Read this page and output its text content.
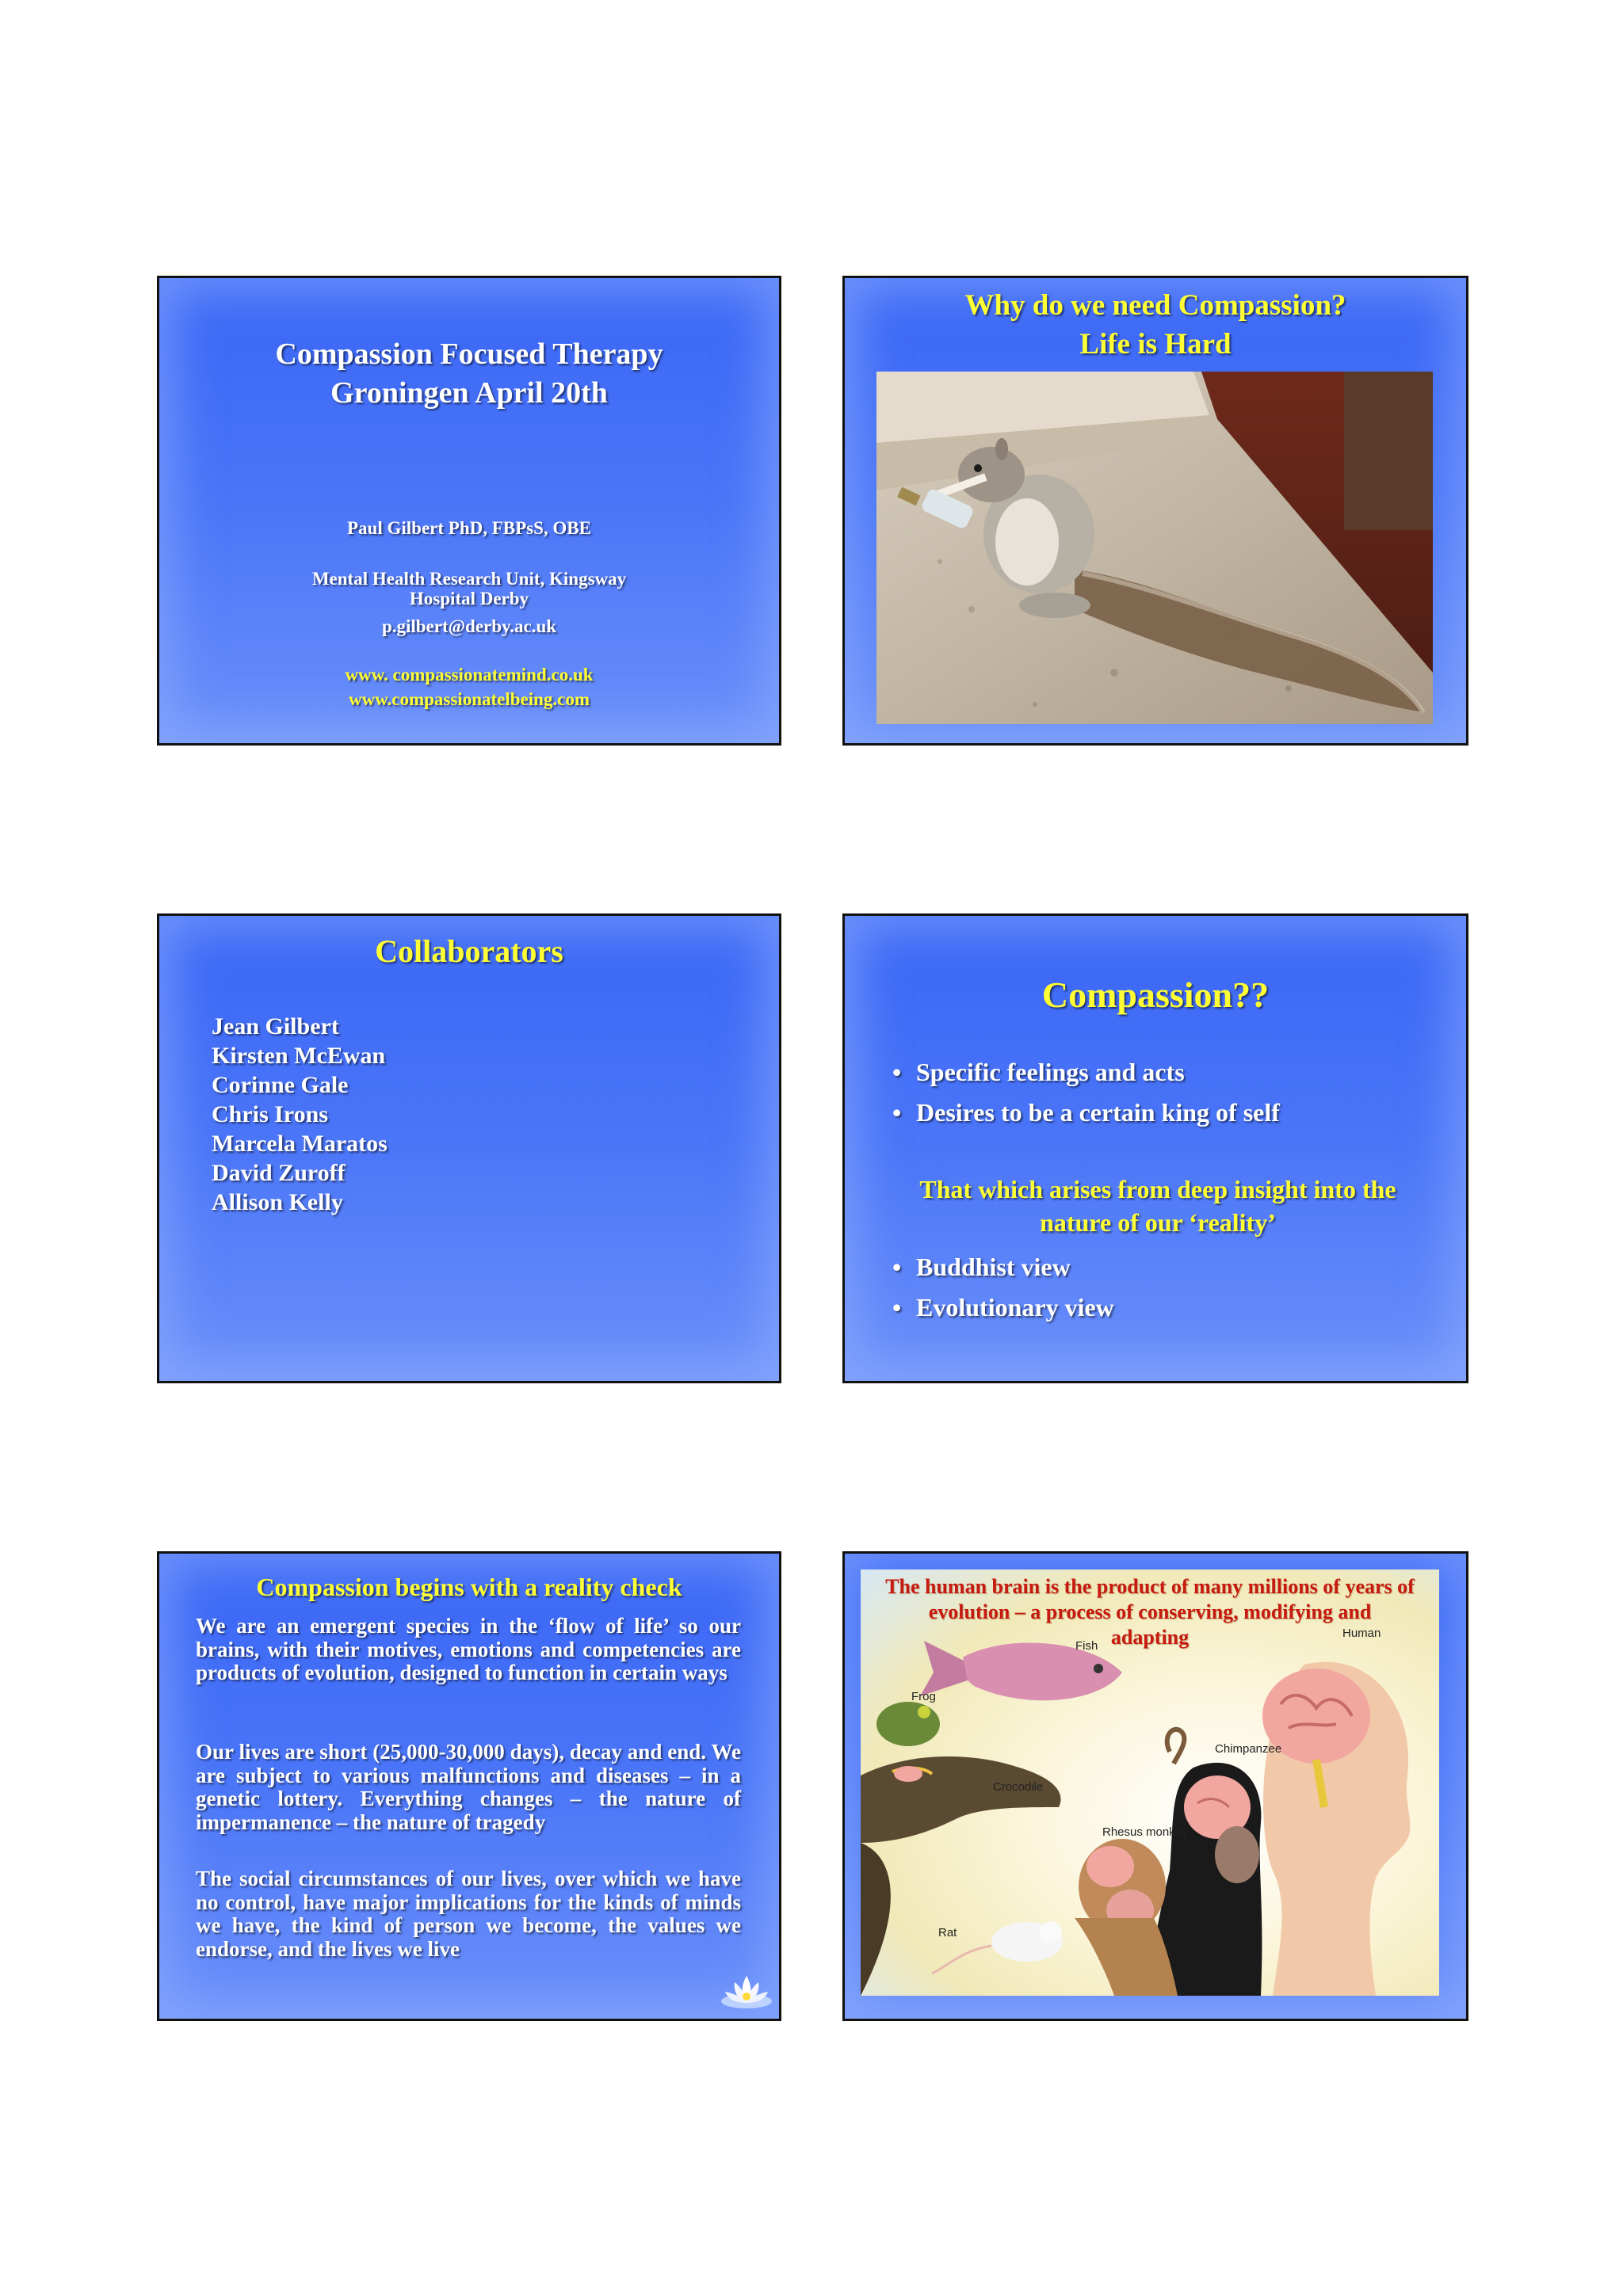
Compassion Focused Therapy
Groningen April 20th
Paul Gilbert PhD, FBPsS, OBE
Mental Health Research Unit, Kingsway
Hospital Derby
p.gilbert@derby.ac.uk
www. compassionatemind.co.uk
www.compassionatelbeing.com
Why do we need Compassion?
Life is Hard
Collaborators
Jean Gilbert
Kirsten McEwan
Corinne Gale
Chris Irons
Marcela Maratos
David Zuroff
Allison Kelly
Compassion??
• Specific feelings and acts
• Desires to be a certain king of self
That which arises from deep insight into the
nature of our ‘reality’
• Buddhist view
• Evolutionary view
Compassion begins with a reality check
We are an emergent species in the ‘flow of life’ so our brains, with their motives, emotions and competencies are products of evolution, designed to function in certain ways
Our lives are short (25,000-30,000 days), decay and end. We are subject to various malfunctions and diseases – in a genetic lottery. Everything changes – the nature of impermanence – the nature of tragedy
The social circumstances of our lives, over which we have no control, have major implications for the kinds of minds we have, the kind of person we become, the values we endorse, and the lives we live
The human brain is the product of many millions of years of
evolution – a process of conserving, modifying and
adapting
Fish
Human
Frog
Chimpanzee
Crocodile
Rhesus monkey
Rat
